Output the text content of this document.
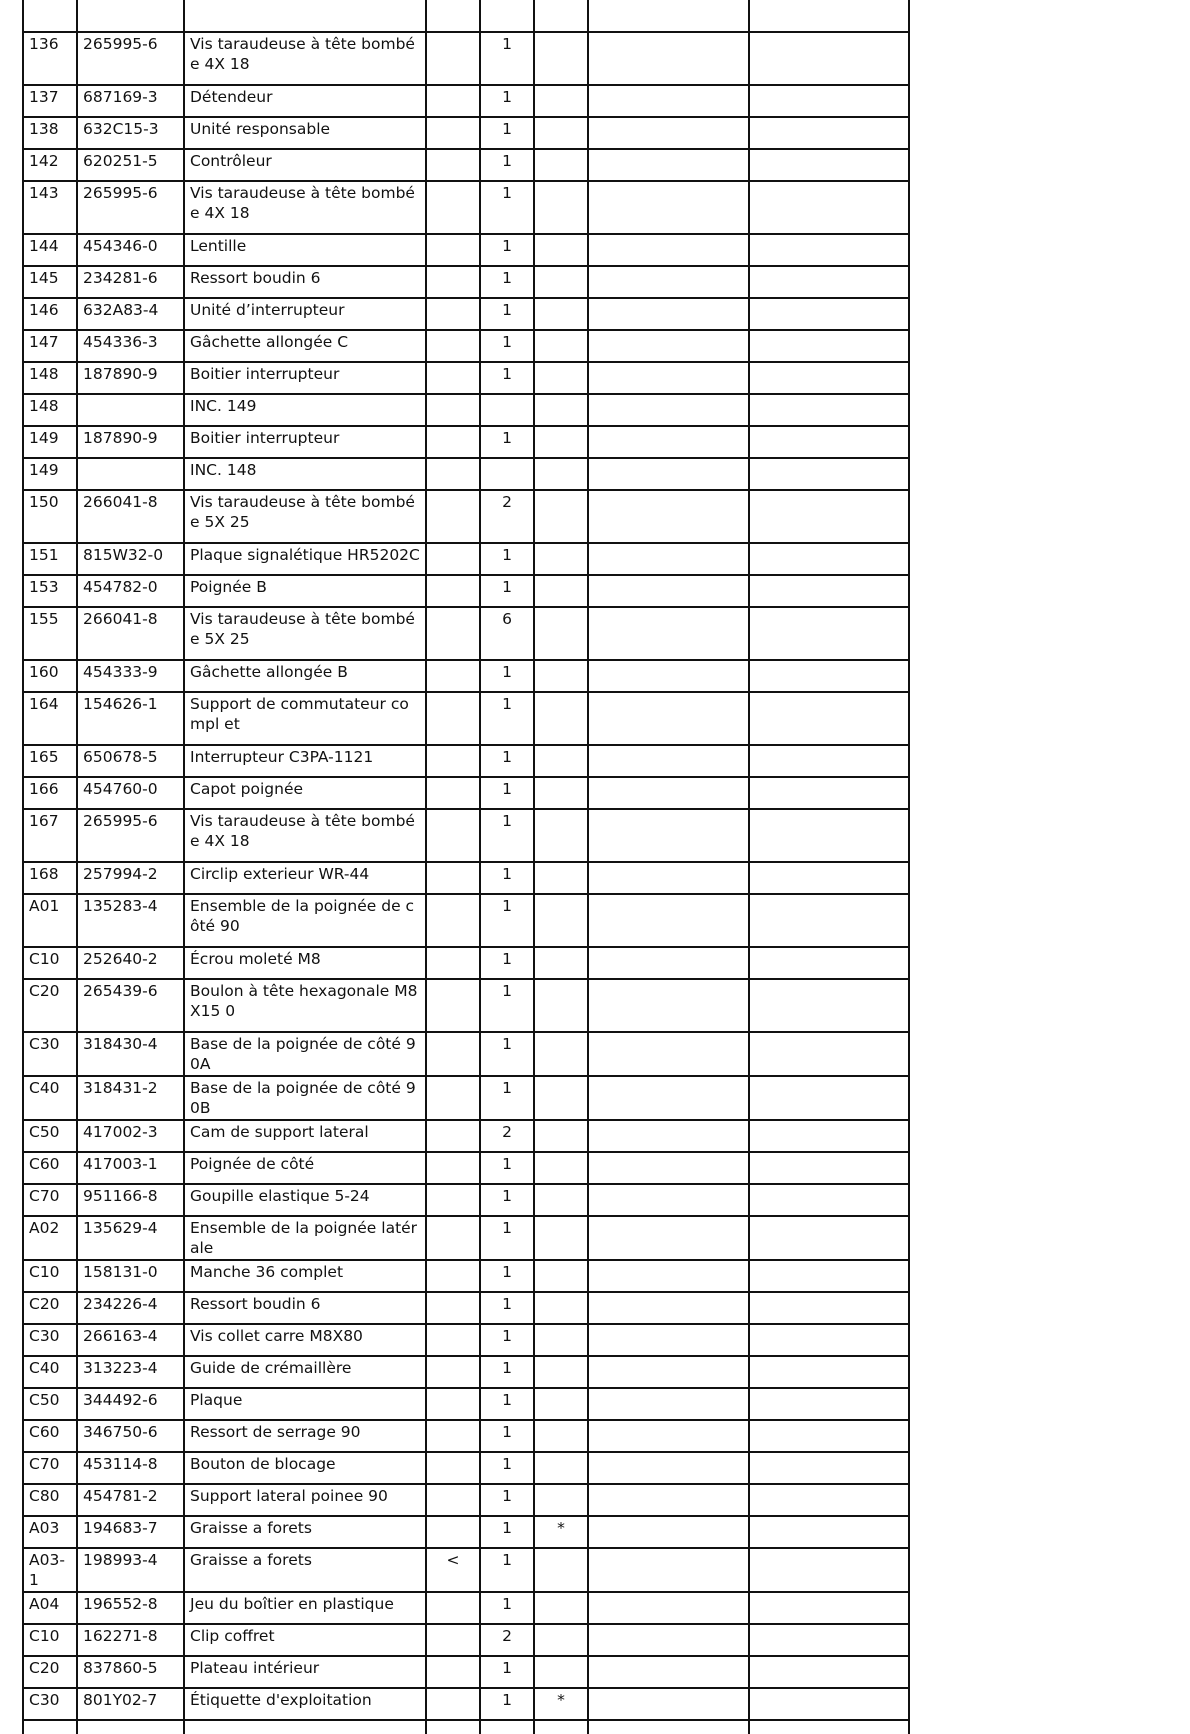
136	265995-6	Vis taraudeuse à tête bombée 4X 18		1			
137	687169-3	Détendeur		1			
138	632C15-3	Unité responsable		1			
142	620251-5	Contrôleur		1			
143	265995-6	Vis taraudeuse à tête bombée 4X 18		1			
144	454346-0	Lentille		1			
145	234281-6	Ressort boudin 6		1			
146	632A83-4	Unité d’interrupteur		1			
147	454336-3	Gâchette allongée C		1			
148	187890-9	Boitier interrupteur		1			
148		INC. 149					
149	187890-9	Boitier interrupteur		1			
149		INC. 148					
150	266041-8	Vis taraudeuse à tête bombée 5X 25		2			
151	815W32-0	Plaque signalétique HR5202C		1			
153	454782-0	Poignée B		1			
155	266041-8	Vis taraudeuse à tête bombée 5X 25		6			
160	454333-9	Gâchette allongée B		1			
164	154626-1	Support de commutateur compl et		1			
165	650678-5	Interrupteur C3PA-1121		1			
166	454760-0	Capot poignée		1			
167	265995-6	Vis taraudeuse à tête bombée 4X 18		1			
168	257994-2	Circlip exterieur WR-44		1			
A01	135283-4	Ensemble de la poignée de côté 90		1			
C10	252640-2	Écrou moleté M8		1			
C20	265439-6	Boulon à tête hexagonale M8X15 0		1			
C30	318430-4	Base de la poignée de côté 90A		1			
C40	318431-2	Base de la poignée de côté 90B		1			
C50	417002-3	Cam de support lateral		2			
C60	417003-1	Poignée de côté		1			
C70	951166-8	Goupille elastique 5-24		1			
A02	135629-4	Ensemble de la poignée latérale		1			
C10	158131-0	Manche 36 complet		1			
C20	234226-4	Ressort boudin 6		1			
C30	266163-4	Vis collet carre M8X80		1			
C40	313223-4	Guide de crémaillère		1			
C50	344492-6	Plaque		1			
C60	346750-6	Ressort de serrage 90		1			
C70	453114-8	Bouton de blocage		1			
C80	454781-2	Support lateral poinee 90		1			
A03	194683-7	Graisse a forets		1	*		
A03-1	198993-4	Graisse a forets	<	1			
A04	196552-8	Jeu du boîtier en plastique		1			
C10	162271-8	Clip coffret		2			
C20	837860-5	Plateau intérieur		1			
C30	801Y02-7	Étiquette d'exploitation		1	*		
